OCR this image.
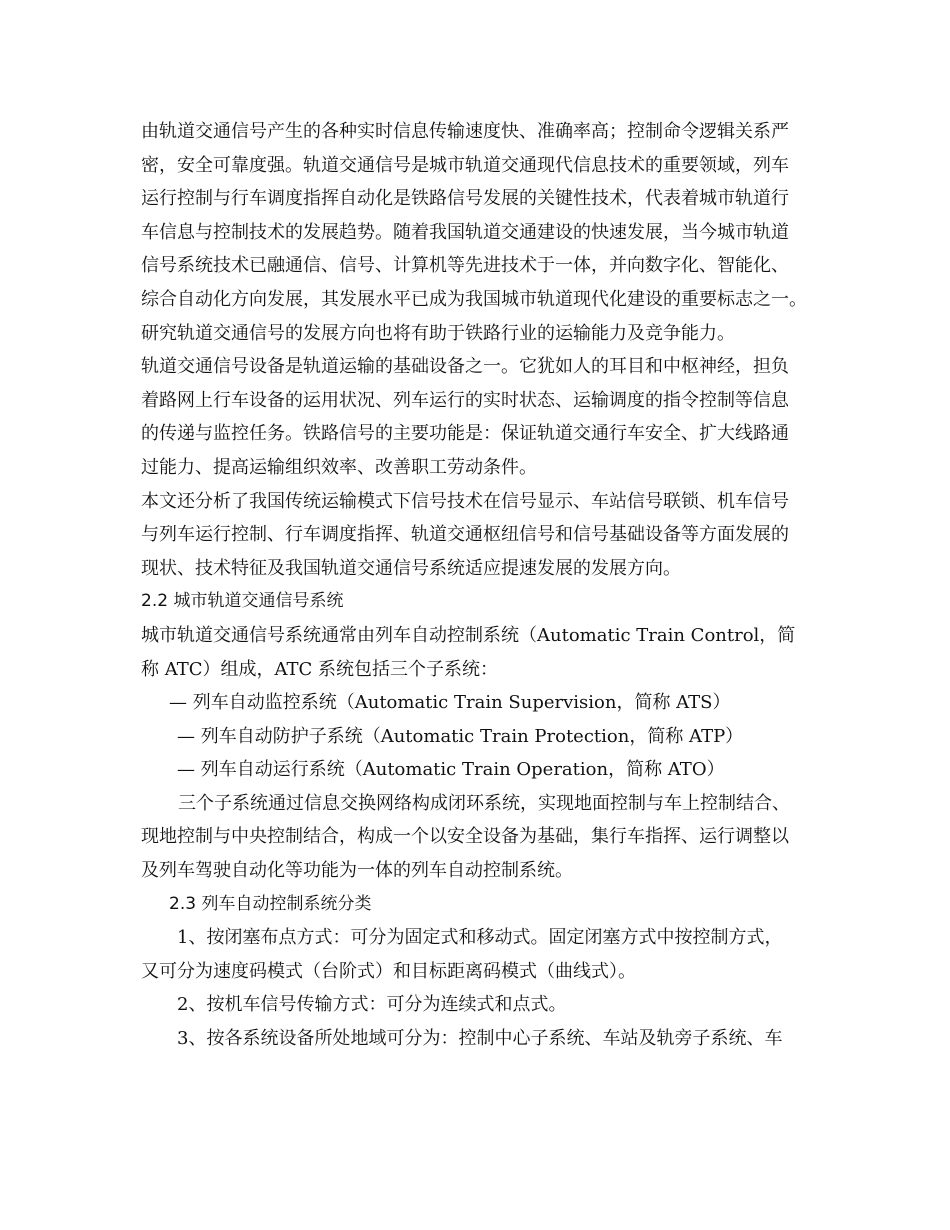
由轨道交通信号产生的各种实时信息传输速度快、准确率高；控制命令逻辑关系严
密，安全可靠度强。轨道交通信号是城市轨道交通现代信息技术的重要领域，列车
运行控制与行车调度指挥自动化是铁路信号发展的关键性技术，代表着城市轨道行
车信息与控制技术的发展趋势。随着我国轨道交通建设的快速发展，当今城市轨道
信号系统技术已融通信、信号、计算机等先进技术于一体，并向数字化、智能化、
综合自动化方向发展，其发展水平已成为我国城市轨道现代化建设的重要标志之一。
研究轨道交通信号的发展方向也将有助于铁路行业的运输能力及竞争能力。
轨道交通信号设备是轨道运输的基础设备之一。它犹如人的耳目和中枢神经，担负
着路网上行车设备的运用状况、列车运行的实时状态、运输调度的指令控制等信息
的传递与监控任务。铁路信号的主要功能是：保证轨道交通行车安全、扩大线路通
过能力、提高运输组织效率、改善职工劳动条件。
本文还分析了我国传统运输模式下信号技术在信号显示、车站信号联锁、机车信号
与列车运行控制、行车调度指挥、轨道交通枢纽信号和信号基础设备等方面发展的
现状、技术特征及我国轨道交通信号系统适应提速发展的发展方向。
2.2 城市轨道交通信号系统
城市轨道交通信号系统通常由列车自动控制系统（Automatic Train Control，简
称 ATC）组成，ATC 系统包括三个子系统：
— 列车自动监控系统（Automatic Train Supervision，简称 ATS）
— 列车自动防护子系统（Automatic Train Protection，简称 ATP）
— 列车自动运行系统（Automatic Train Operation，简称 ATO）
三个子系统通过信息交换网络构成闭环系统，实现地面控制与车上控制结合、
现地控制与中央控制结合，构成一个以安全设备为基础，集行车指挥、运行调整以
及列车驾驶自动化等功能为一体的列车自动控制系统。
2.3 列车自动控制系统分类
1、按闭塞布点方式：可分为固定式和移动式。固定闭塞方式中按控制方式，
又可分为速度码模式（台阶式）和目标距离码模式（曲线式）。
2、按机车信号传输方式：可分为连续式和点式。
3、按各系统设备所处地域可分为：控制中心子系统、车站及轨旁子系统、车
